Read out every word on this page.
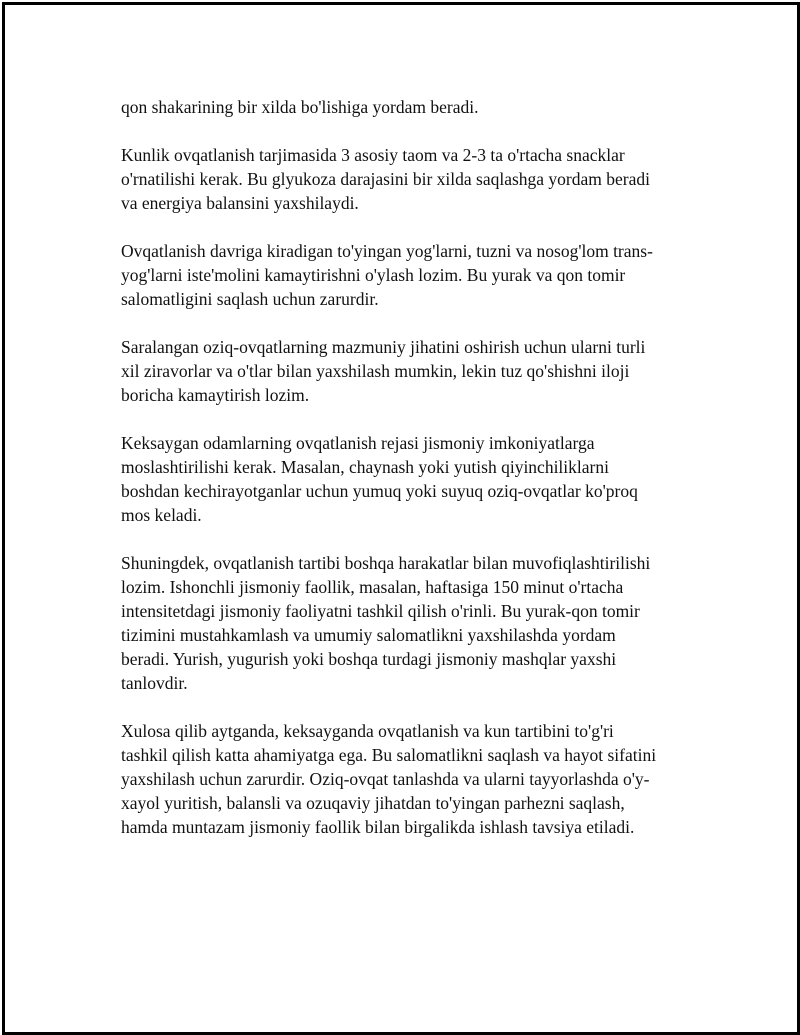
qon shakarining bir xilda bo'lishiga yordam beradi.

Kunlik ovqatlanish tarjimasida 3 asosiy taom va 2-3 ta o'rtacha snacklar
o'rnatilishi kerak. Bu glyukoza darajasini bir xilda saqlashga yordam beradi
va energiya balansini yaxshilaydi.

Ovqatlanish davriga kiradigan to'yingan yog'larni, tuzni va nosog'lom trans-
yog'larni iste'molini kamaytirishni o'ylash lozim. Bu yurak va qon tomir
salomatligini saqlash uchun zarurdir.

Saralangan oziq-ovqatlarning mazmuniy jihatini oshirish uchun ularni turli
xil ziravorlar va o'tlar bilan yaxshilash mumkin, lekin tuz qo'shishni iloji
boricha kamaytirish lozim.

Keksaygan odamlarning ovqatlanish rejasi jismoniy imkoniyatlarga
moslashtirilishi kerak. Masalan, chaynash yoki yutish qiyinchiliklarni
boshdan kechirayotganlar uchun yumuq yoki suyuq oziq-ovqatlar ko'proq
mos keladi.

Shuningdek, ovqatlanish tartibi boshqa harakatlar bilan muvofiqlashtirilishi
lozim. Ishonchli jismoniy faollik, masalan, haftasiga 150 minut o'rtacha
intensitetdagi jismoniy faoliyatni tashkil qilish o'rinli. Bu yurak-qon tomir
tizimini mustahkamlash va umumiy salomatlikni yaxshilashda yordam
beradi. Yurish, yugurish yoki boshqa turdagi jismoniy mashqlar yaxshi
tanlovdir.

Xulosa qilib aytganda, keksayganda ovqatlanish va kun tartibini to'g'ri
tashkil qilish katta ahamiyatga ega. Bu salomatlikni saqlash va hayot sifatini
yaxshilash uchun zarurdir. Oziq-ovqat tanlashda va ularni tayyorlashda o'y-
xayol yuritish, balansli va ozuqaviy jihatdan to'yingan parhezni saqlash,
hamda muntazam jismoniy faollik bilan birgalikda ishlash tavsiya etiladi.
